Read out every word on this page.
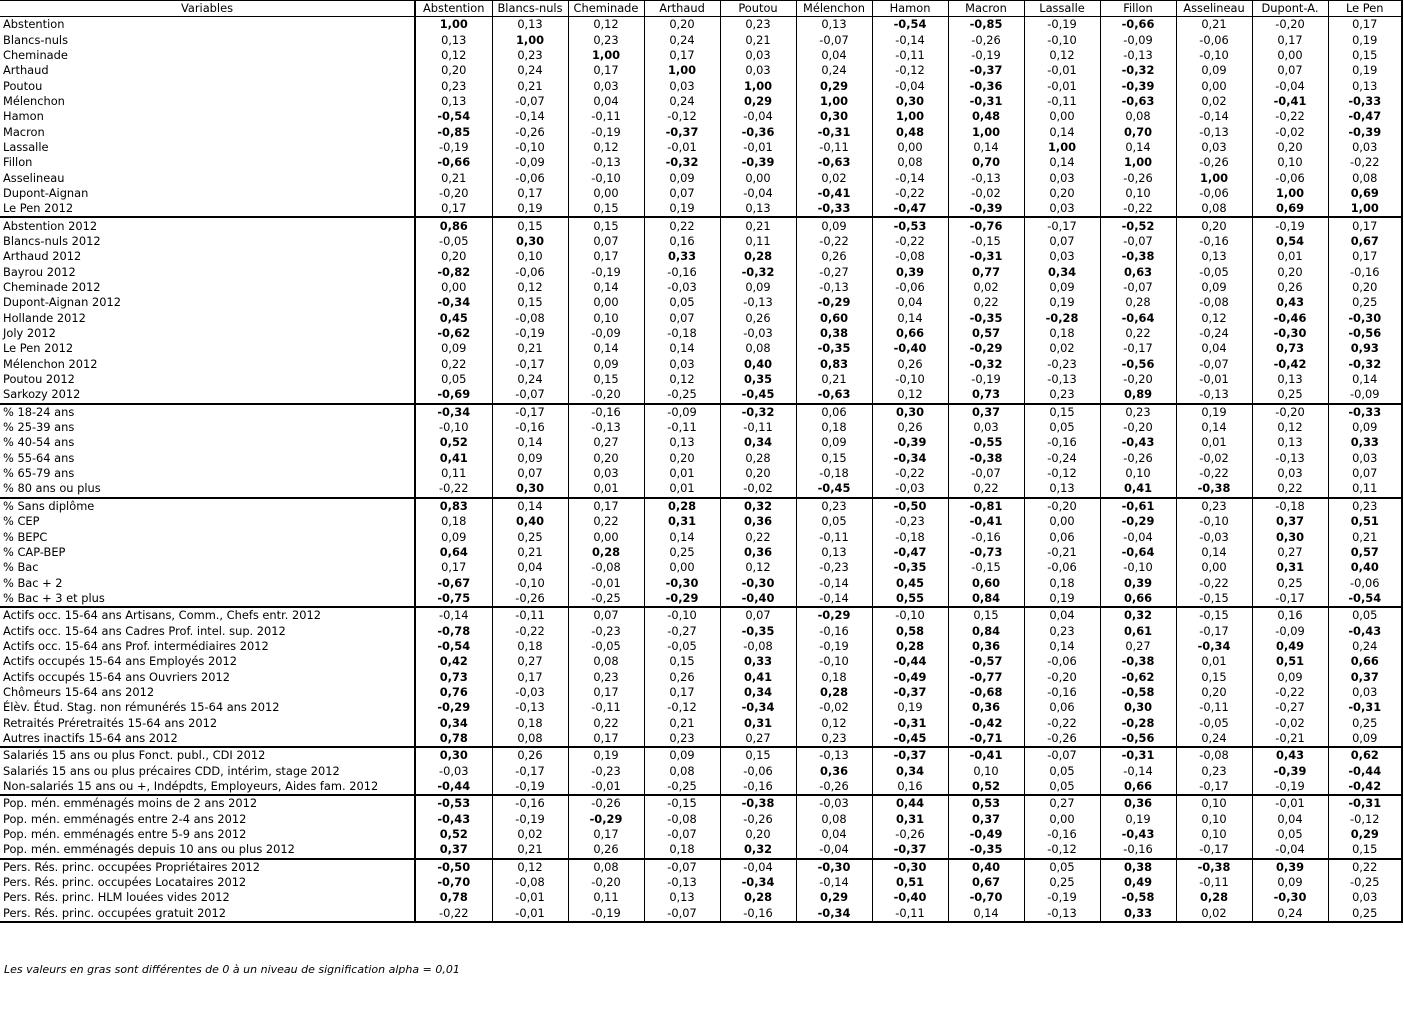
Variables	Abstention	Blancs-nuls	Cheminade	Arthaud	Poutou	Mélenchon	Hamon	Macron	Lassalle	Fillon	Asselineau	Dupont-A.	Le Pen
Abstention	1,00	0,13	0,12	0,20	0,23	0,13	-0,54	-0,85	-0,19	-0,66	0,21	-0,20	0,17
Blancs-nuls	0,13	1,00	0,23	0,24	0,21	-0,07	-0,14	-0,26	-0,10	-0,09	-0,06	0,17	0,19
Cheminade	0,12	0,23	1,00	0,17	0,03	0,04	-0,11	-0,19	0,12	-0,13	-0,10	0,00	0,15
Arthaud	0,20	0,24	0,17	1,00	0,03	0,24	-0,12	-0,37	-0,01	-0,32	0,09	0,07	0,19
Poutou	0,23	0,21	0,03	0,03	1,00	0,29	-0,04	-0,36	-0,01	-0,39	0,00	-0,04	0,13
Mélenchon	0,13	-0,07	0,04	0,24	0,29	1,00	0,30	-0,31	-0,11	-0,63	0,02	-0,41	-0,33
Hamon	-0,54	-0,14	-0,11	-0,12	-0,04	0,30	1,00	0,48	0,00	0,08	-0,14	-0,22	-0,47
Macron	-0,85	-0,26	-0,19	-0,37	-0,36	-0,31	0,48	1,00	0,14	0,70	-0,13	-0,02	-0,39
Lassalle	-0,19	-0,10	0,12	-0,01	-0,01	-0,11	0,00	0,14	1,00	0,14	0,03	0,20	0,03
Fillon	-0,66	-0,09	-0,13	-0,32	-0,39	-0,63	0,08	0,70	0,14	1,00	-0,26	0,10	-0,22
Asselineau	0,21	-0,06	-0,10	0,09	0,00	0,02	-0,14	-0,13	0,03	-0,26	1,00	-0,06	0,08
Dupont-Aignan	-0,20	0,17	0,00	0,07	-0,04	-0,41	-0,22	-0,02	0,20	0,10	-0,06	1,00	0,69
Le Pen 2012	0,17	0,19	0,15	0,19	0,13	-0,33	-0,47	-0,39	0,03	-0,22	0,08	0,69	1,00
Abstention 2012	0,86	0,15	0,15	0,22	0,21	0,09	-0,53	-0,76	-0,17	-0,52	0,20	-0,19	0,17
Blancs-nuls 2012	-0,05	0,30	0,07	0,16	0,11	-0,22	-0,22	-0,15	0,07	-0,07	-0,16	0,54	0,67
Arthaud 2012	0,20	0,10	0,17	0,33	0,28	0,26	-0,08	-0,31	0,03	-0,38	0,13	0,01	0,17
Bayrou 2012	-0,82	-0,06	-0,19	-0,16	-0,32	-0,27	0,39	0,77	0,34	0,63	-0,05	0,20	-0,16
Cheminade 2012	0,00	0,12	0,14	-0,03	0,09	-0,13	-0,06	0,02	0,09	-0,07	0,09	0,26	0,20
Dupont-Aignan 2012	-0,34	0,15	0,00	0,05	-0,13	-0,29	0,04	0,22	0,19	0,28	-0,08	0,43	0,25
Hollande 2012	0,45	-0,08	0,10	0,07	0,26	0,60	0,14	-0,35	-0,28	-0,64	0,12	-0,46	-0,30
Joly 2012	-0,62	-0,19	-0,09	-0,18	-0,03	0,38	0,66	0,57	0,18	0,22	-0,24	-0,30	-0,56
Le Pen 2012	0,09	0,21	0,14	0,14	0,08	-0,35	-0,40	-0,29	0,02	-0,17	0,04	0,73	0,93
Mélenchon 2012	0,22	-0,17	0,09	0,03	0,40	0,83	0,26	-0,32	-0,23	-0,56	-0,07	-0,42	-0,32
Poutou 2012	0,05	0,24	0,15	0,12	0,35	0,21	-0,10	-0,19	-0,13	-0,20	-0,01	0,13	0,14
Sarkozy 2012	-0,69	-0,07	-0,20	-0,25	-0,45	-0,63	0,12	0,73	0,23	0,89	-0,13	0,25	-0,09
% 18-24 ans	-0,34	-0,17	-0,16	-0,09	-0,32	0,06	0,30	0,37	0,15	0,23	0,19	-0,20	-0,33
% 25-39 ans	-0,10	-0,16	-0,13	-0,11	-0,11	0,18	0,26	0,03	0,05	-0,20	0,14	0,12	0,09
% 40-54 ans	0,52	0,14	0,27	0,13	0,34	0,09	-0,39	-0,55	-0,16	-0,43	0,01	0,13	0,33
% 55-64 ans	0,41	0,09	0,20	0,20	0,28	0,15	-0,34	-0,38	-0,24	-0,26	-0,02	-0,13	0,03
% 65-79 ans	0,11	0,07	0,03	0,01	0,20	-0,18	-0,22	-0,07	-0,12	0,10	-0,22	0,03	0,07
% 80 ans ou plus	-0,22	0,30	0,01	0,01	-0,02	-0,45	-0,03	0,22	0,13	0,41	-0,38	0,22	0,11
% Sans diplôme	0,83	0,14	0,17	0,28	0,32	0,23	-0,50	-0,81	-0,20	-0,61	0,23	-0,18	0,23
% CEP	0,18	0,40	0,22	0,31	0,36	0,05	-0,23	-0,41	0,00	-0,29	-0,10	0,37	0,51
% BEPC	0,09	0,25	0,00	0,14	0,22	-0,11	-0,18	-0,16	0,06	-0,04	-0,03	0,30	0,21
% CAP-BEP	0,64	0,21	0,28	0,25	0,36	0,13	-0,47	-0,73	-0,21	-0,64	0,14	0,27	0,57
% Bac	0,17	0,04	-0,08	0,00	0,12	-0,23	-0,35	-0,15	-0,06	-0,10	0,00	0,31	0,40
% Bac + 2	-0,67	-0,10	-0,01	-0,30	-0,30	-0,14	0,45	0,60	0,18	0,39	-0,22	0,25	-0,06
% Bac + 3 et plus	-0,75	-0,26	-0,25	-0,29	-0,40	-0,14	0,55	0,84	0,19	0,66	-0,15	-0,17	-0,54
Actifs occ. 15-64 ans Artisans, Comm., Chefs entr. 2012	-0,14	-0,11	0,07	-0,10	0,07	-0,29	-0,10	0,15	0,04	0,32	-0,15	0,16	0,05
Actifs occ. 15-64 ans Cadres Prof. intel. sup. 2012	-0,78	-0,22	-0,23	-0,27	-0,35	-0,16	0,58	0,84	0,23	0,61	-0,17	-0,09	-0,43
Actifs occ. 15-64 ans Prof. intermédiaires 2012	-0,54	0,18	-0,05	-0,05	-0,08	-0,19	0,28	0,36	0,14	0,27	-0,34	0,49	0,24
Actifs occupés 15-64 ans Employés 2012	0,42	0,27	0,08	0,15	0,33	-0,10	-0,44	-0,57	-0,06	-0,38	0,01	0,51	0,66
Actifs occupés 15-64 ans Ouvriers 2012	0,73	0,17	0,23	0,26	0,41	0,18	-0,49	-0,77	-0,20	-0,62	0,15	0,09	0,37
Chômeurs 15-64 ans 2012	0,76	-0,03	0,17	0,17	0,34	0,28	-0,37	-0,68	-0,16	-0,58	0,20	-0,22	0,03
Élèv. Étud. Stag. non rémunérés 15-64 ans 2012	-0,29	-0,13	-0,11	-0,12	-0,34	-0,02	0,19	0,36	0,06	0,30	-0,11	-0,27	-0,31
Retraités Préretraités 15-64 ans 2012	0,34	0,18	0,22	0,21	0,31	0,12	-0,31	-0,42	-0,22	-0,28	-0,05	-0,02	0,25
Autres inactifs 15-64 ans 2012	0,78	0,08	0,17	0,23	0,27	0,23	-0,45	-0,71	-0,26	-0,56	0,24	-0,21	0,09
Salariés 15 ans ou plus Fonct. publ., CDI 2012	0,30	0,26	0,19	0,09	0,15	-0,13	-0,37	-0,41	-0,07	-0,31	-0,08	0,43	0,62
Salariés 15 ans ou plus précaires CDD, intérim, stage 2012	-0,03	-0,17	-0,23	0,08	-0,06	0,36	0,34	0,10	0,05	-0,14	0,23	-0,39	-0,44
Non-salariés 15 ans ou +, Indépdts, Employeurs, Aides fam. 2012	-0,44	-0,19	-0,01	-0,25	-0,16	-0,26	0,16	0,52	0,05	0,66	-0,17	-0,19	-0,42
Pop. mén. emménagés moins de 2 ans 2012	-0,53	-0,16	-0,26	-0,15	-0,38	-0,03	0,44	0,53	0,27	0,36	0,10	-0,01	-0,31
Pop. mén. emménagés entre 2-4 ans 2012	-0,43	-0,19	-0,29	-0,08	-0,26	0,08	0,31	0,37	0,00	0,19	0,10	0,04	-0,12
Pop. mén. emménagés entre 5-9 ans 2012	0,52	0,02	0,17	-0,07	0,20	0,04	-0,26	-0,49	-0,16	-0,43	0,10	0,05	0,29
Pop. mén. emménagés depuis 10 ans ou plus 2012	0,37	0,21	0,26	0,18	0,32	-0,04	-0,37	-0,35	-0,12	-0,16	-0,17	-0,04	0,15
Pers. Rés. princ. occupées Propriétaires 2012	-0,50	0,12	0,08	-0,07	-0,04	-0,30	-0,30	0,40	0,05	0,38	-0,38	0,39	0,22
Pers. Rés. princ. occupées Locataires 2012	-0,70	-0,08	-0,20	-0,13	-0,34	-0,14	0,51	0,67	0,25	0,49	-0,11	0,09	-0,25
Pers. Rés. princ. HLM louées vides 2012	0,78	-0,01	0,11	0,13	0,28	0,29	-0,40	-0,70	-0,19	-0,58	0,28	-0,30	0,03
Pers. Rés. princ. occupées gratuit 2012	-0,22	-0,01	-0,19	-0,07	-0,16	-0,34	-0,11	0,14	-0,13	0,33	0,02	0,24	0,25
Les valeurs en gras sont différentes de 0 à un niveau de signification alpha = 0,01
